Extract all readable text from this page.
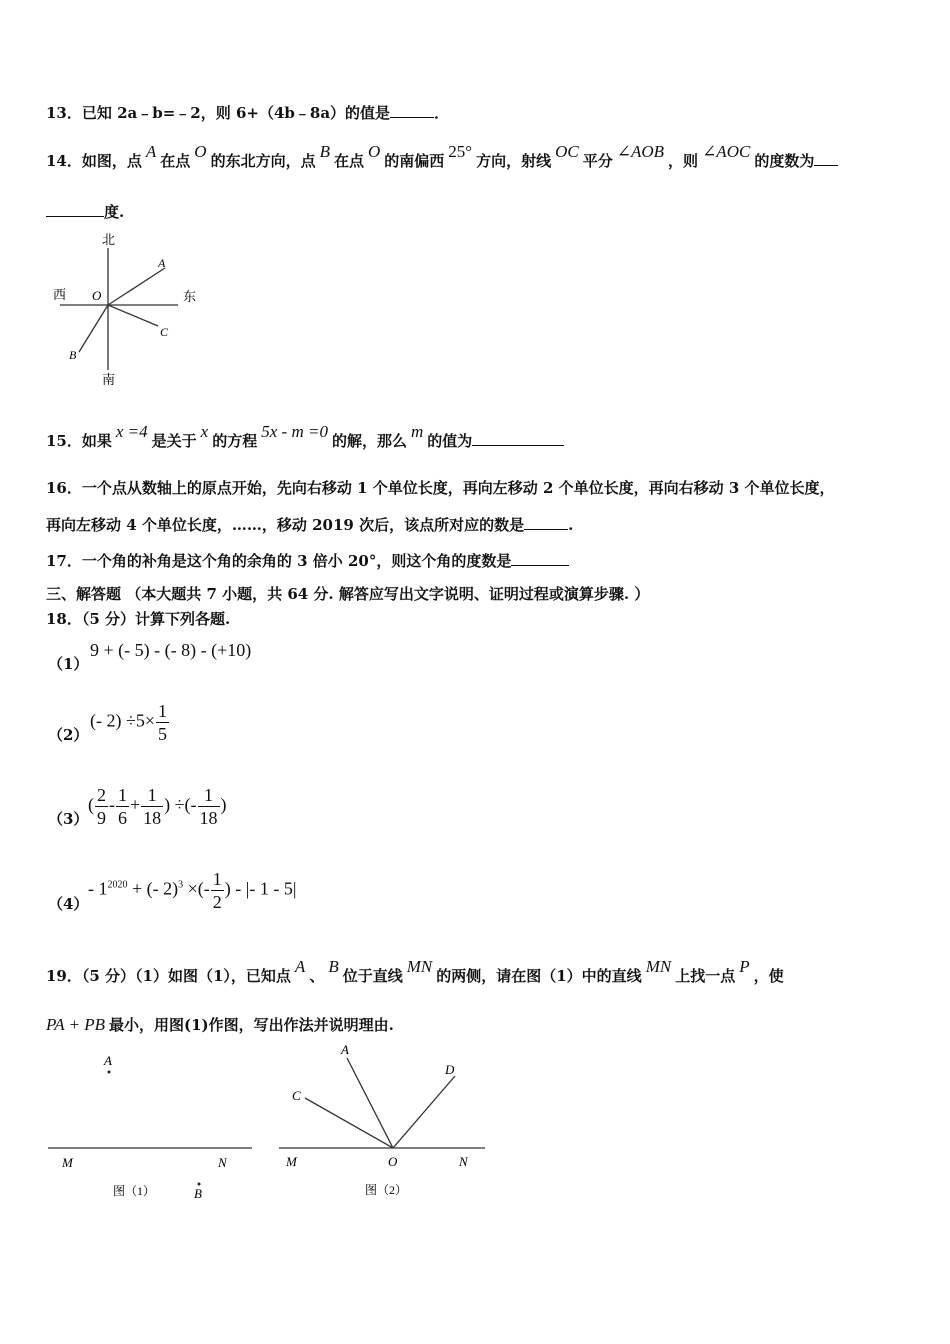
13．已知 2a﹣b=﹣2，则 6+（4b﹣8a）的值是	．
14．如图，点 A 在点 O 的东北方向，点 B 在点 O 的南偏西 25° 方向，射线 OC 平分 ∠AOB ，则 ∠AOC 的度数为
度.
北
南
西	东
O
A
B
C
15．如果 x =4 是关于 x 的方程 5x - m =0 的解，那么 m 的值为
16．一个点从数轴上的原点开始，先向右移动 1 个单位长度，再向左移动 2 个单位长度，再向右移动 3 个单位长度，
再向左移动 4 个单位长度，……，移动 2019 次后，该点所对应的数是	.
17．一个角的补角是这个角的余角的 3 倍小 20°，则这个角的度数是
三、解答题 （本大题共 7 小题，共 64 分. 解答应写出文字说明、证明过程或演算步骤. ）
18．（5 分）计算下列各题.
（1）
9 + (- 5) - (- 8) - (+10)
（2）
(- $2) \div 5\times \frac{1}{5}$
（3）
( $\frac{2}{9} - \frac{1}{6} + \frac{1}{18}$ ) ÷(- $\frac{1}{18}$ )
（4）
- $1^{2020}$ + (- 2)$^3$ ×(- $\frac{1}{2}$ ) - |- 1 - 5|
19．（5 分）（1）如图（1），已知点 A 、 B 位于直线 MN 的两侧，请在图（1）中的直线 MN 上找一点 P ，使
PA + PB 最小，用图(1)作图，写出作法并说明理由.
A
M	N
图（1）	B
A
C
D
M	O	N
图（2）
